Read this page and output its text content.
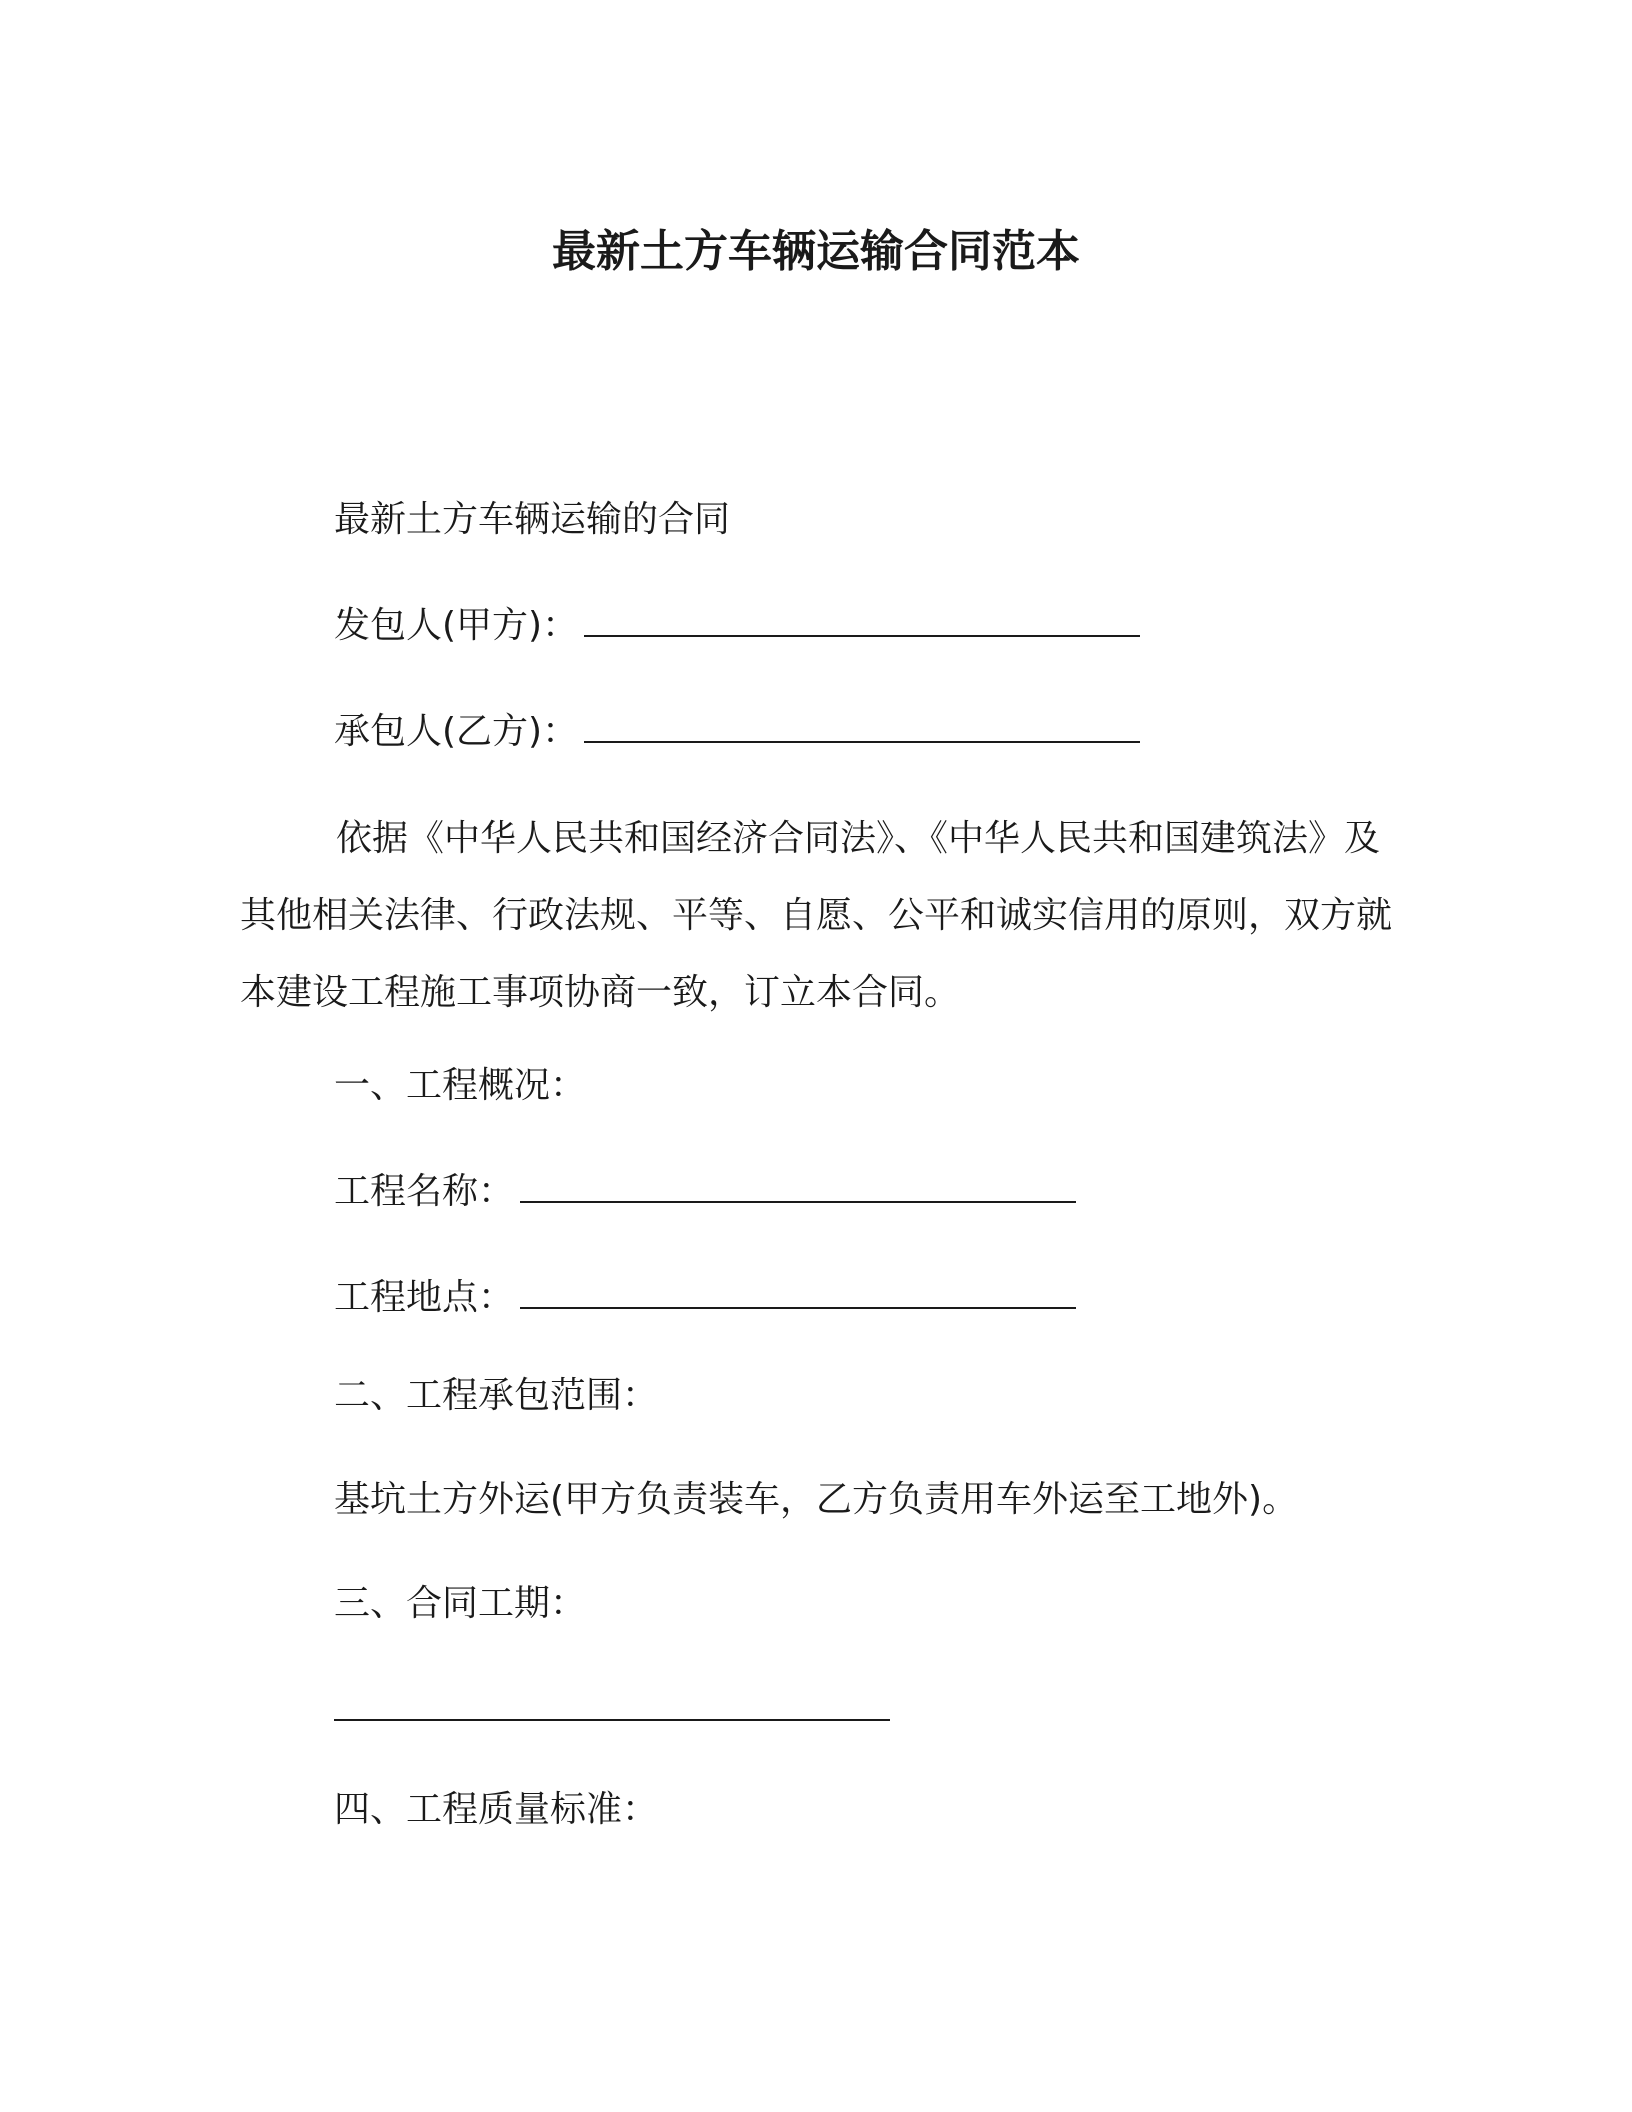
最新土方车辆运输合同范本
最新土方车辆运输的合同
发包人(甲方)：
承包人(乙方)：
依据《中华人民共和国经济合同法》、《中华人民共和国建筑法》及其他相关法律、行政法规、平等、自愿、公平和诚实信用的原则，双方就本建设工程施工事项协商一致，订立本合同。
一、工程概况：
工程名称：
工程地点：
二、工程承包范围：
基坑土方外运(甲方负责装车，乙方负责用车外运至工地外)。
三、合同工期：
四、工程质量标准：
